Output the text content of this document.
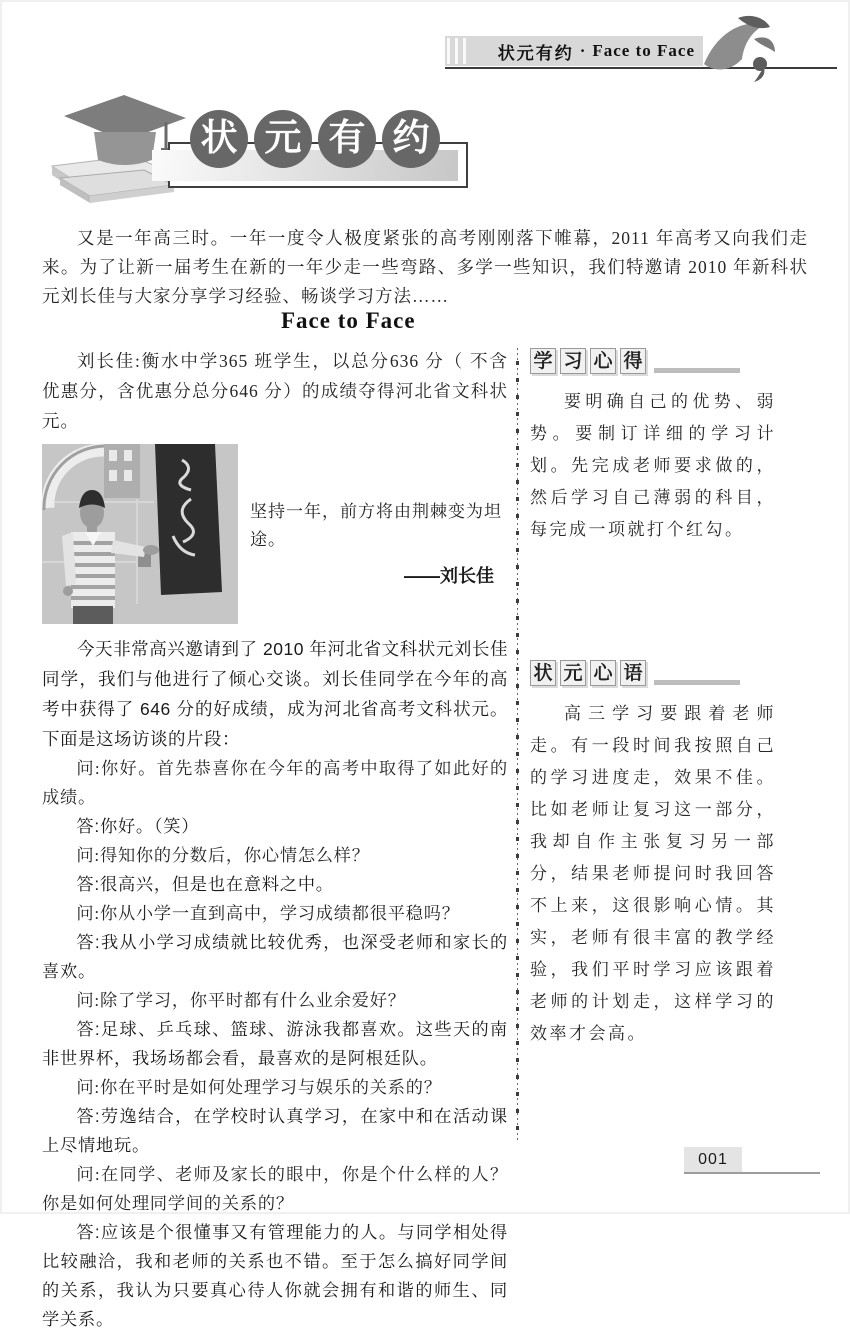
状元有约 · Face to Face
状 元 有 约

又是一年高三时。一年一度令人极度紧张的高考刚刚落下帷幕，2011 年高考又向我们走来。为了让新一届考生在新的一年少走一些弯路、多学一些知识，我们特邀请 2010 年新科状元刘长佳与大家分享学习经验、畅谈学习方法……

Face to Face

刘长佳:衡水中学365 班学生，以总分636 分（ 不含优惠分，含优惠分总分646 分）的成绩夺得河北省文科状元。

坚持一年，前方将由荆棘变为坦途。
——刘长佳

今天非常高兴邀请到了 2010 年河北省文科状元刘长佳同学，我们与他进行了倾心交谈。刘长佳同学在今年的高考中获得了 646 分的好成绩，成为河北省高考文科状元。下面是这场访谈的片段：

问:你好。首先恭喜你在今年的高考中取得了如此好的成绩。

答:你好。（笑）

问:得知你的分数后，你心情怎么样？

答:很高兴，但是也在意料之中。

问:你从小学一直到高中，学习成绩都很平稳吗？

答:我从小学习成绩就比较优秀，也深受老师和家长的喜欢。

问:除了学习，你平时都有什么业余爱好？

答:足球、乒乓球、篮球、游泳我都喜欢。这些天的南非世界杯，我场场都会看，最喜欢的是阿根廷队。

问:你在平时是如何处理学习与娱乐的关系的？

答:劳逸结合，在学校时认真学习，在家中和在活动课上尽情地玩。

问:在同学、老师及家长的眼中，你是个什么样的人？你是如何处理同学间的关系的？

答:应该是个很懂事又有管理能力的人。与同学相处得比较融洽，我和老师的关系也不错。至于怎么搞好同学间的关系，我认为只要真心待人你就会拥有和谐的师生、同学关系。

学 习 心 得

要明确自己的优势、弱势。要制订详细的学习计划。先完成老师要求做的，然后学习自己薄弱的科目，每完成一项就打个红勾。

状 元 心 语

高三学习要跟着老师走。有一段时间我按照自己的学习进度走，效果不佳。比如老师让复习这一部分，我却自作主张复习另一部分，结果老师提问时我回答不上来，这很影响心情。其实，老师有很丰富的教学经验，我们平时学习应该跟着老师的计划走，这样学习的效率才会高。

001
